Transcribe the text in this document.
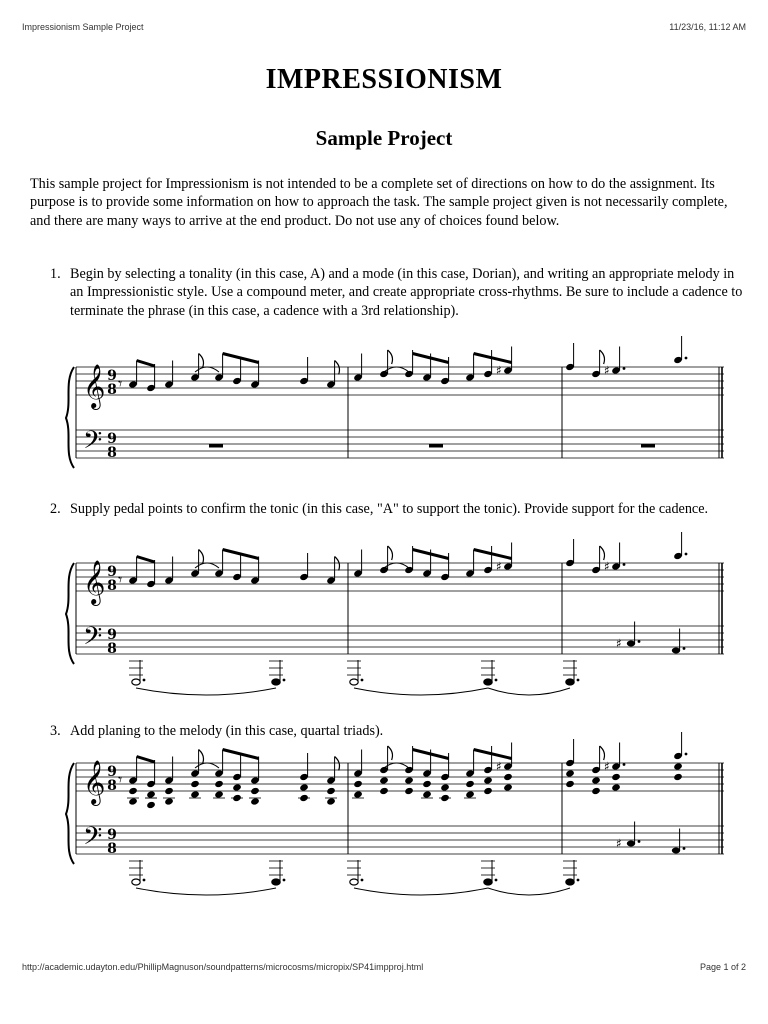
Impressionism Sample Project	11/23/16, 11:12 AM
IMPRESSIONISM
Sample Project

This sample project for Impressionism is not intended to be a complete set of directions on how to do the assignment. Its purpose is to provide some information on how to approach the task. The sample project given is not necessarily complete, and there are many ways to arrive at the end product. Do not use any of choices found below.

1. Begin by selecting a tonality (in this case, A) and a mode (in this case, Dorian), and writing an appropriate melody in an Impressionistic style. Use a compound meter, and create appropriate cross-rhythms. Be sure to include a cadence to terminate the phrase (in this case, a cadence with a 3rd relationship).
𝄞
𝄢
9
8
9
8
𝄾
♯	♯
2. Supply pedal points to confirm the tonic (in this case, "A" to support the tonic). Provide support for the cadence.
𝄞
𝄢
9
8
9
8
𝄾
♯	♯
♯
3. Add planing to the melody (in this case, quartal triads).
𝄞
𝄢
9
8
9
8
𝄾
♯	♯
♯
http://academic.udayton.edu/PhillipMagnuson/soundpatterns/microcosms/micropix/SP41impproj.html	Page 1 of 2
